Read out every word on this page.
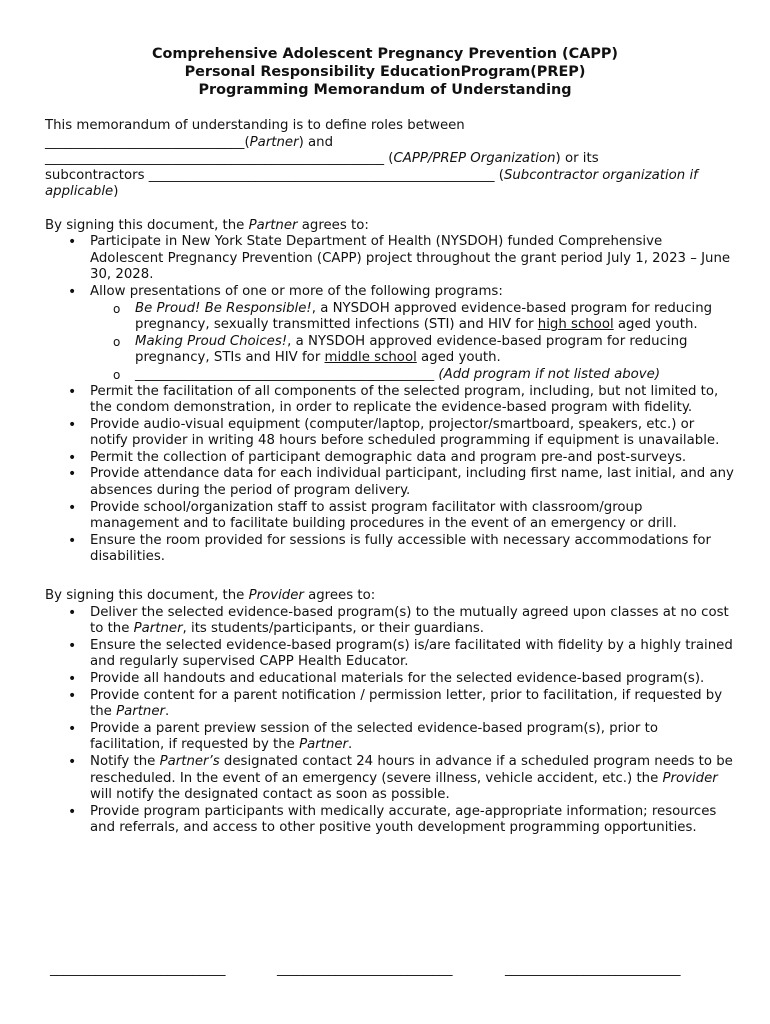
Comprehensive Adolescent Pregnancy Prevention (CAPP)
Personal Responsibility EducationProgram(PREP)
Programming Memorandum of Understanding

This memorandum of understanding is to define roles between
______________________________(Partner) and
___________________________________________________ (CAPP/PREP Organization) or its
subcontractors ____________________________________________________ (Subcontractor organization if applicable)

By signing this document, the Partner agrees to:

• Participate in New York State Department of Health (NYSDOH) funded Comprehensive Adolescent Pregnancy Prevention (CAPP) project throughout the grant period July 1, 2023 – June 30, 2028.
• Allow presentations of one or more of the following programs:
o Be Proud! Be Responsible!, a NYSDOH approved evidence-based program for reducing pregnancy, sexually transmitted infections (STI) and HIV for high school aged youth.
o Making Proud Choices!, a NYSDOH approved evidence-based program for reducing pregnancy, STIs and HIV for middle school aged youth.
o _____________________________________________ (Add program if not listed above)
• Permit the facilitation of all components of the selected program, including, but not limited to, the condom demonstration, in order to replicate the evidence-based program with fidelity.
• Provide audio-visual equipment (computer/laptop, projector/smartboard, speakers, etc.) or notify provider in writing 48 hours before scheduled programming if equipment is unavailable.
• Permit the collection of participant demographic data and program pre-and post-surveys.
• Provide attendance data for each individual participant, including first name, last initial, and any absences during the period of program delivery.
• Provide school/organization staff to assist program facilitator with classroom/group management and to facilitate building procedures in the event of an emergency or drill.
• Ensure the room provided for sessions is fully accessible with necessary accommodations for disabilities.

By signing this document, the Provider agrees to:

• Deliver the selected evidence-based program(s) to the mutually agreed upon classes at no cost to the Partner, its students/participants, or their guardians.
• Ensure the selected evidence-based program(s) is/are facilitated with fidelity by a highly trained and regularly supervised CAPP Health Educator.
• Provide all handouts and educational materials for the selected evidence-based program(s).
• Provide content for a parent notification / permission letter, prior to facilitation, if requested by the Partner.
• Provide a parent preview session of the selected evidence-based program(s), prior to facilitation, if requested by the Partner.
• Notify the Partner’s designated contact 24 hours in advance if a scheduled program needs to be rescheduled. In the event of an emergency (severe illness, vehicle accident, etc.) the Provider will notify the designated contact as soon as possible.
• Provide program participants with medically accurate, age-appropriate information; resources and referrals, and access to other positive youth development programming opportunities.
___________________________	___________________________	___________________________
